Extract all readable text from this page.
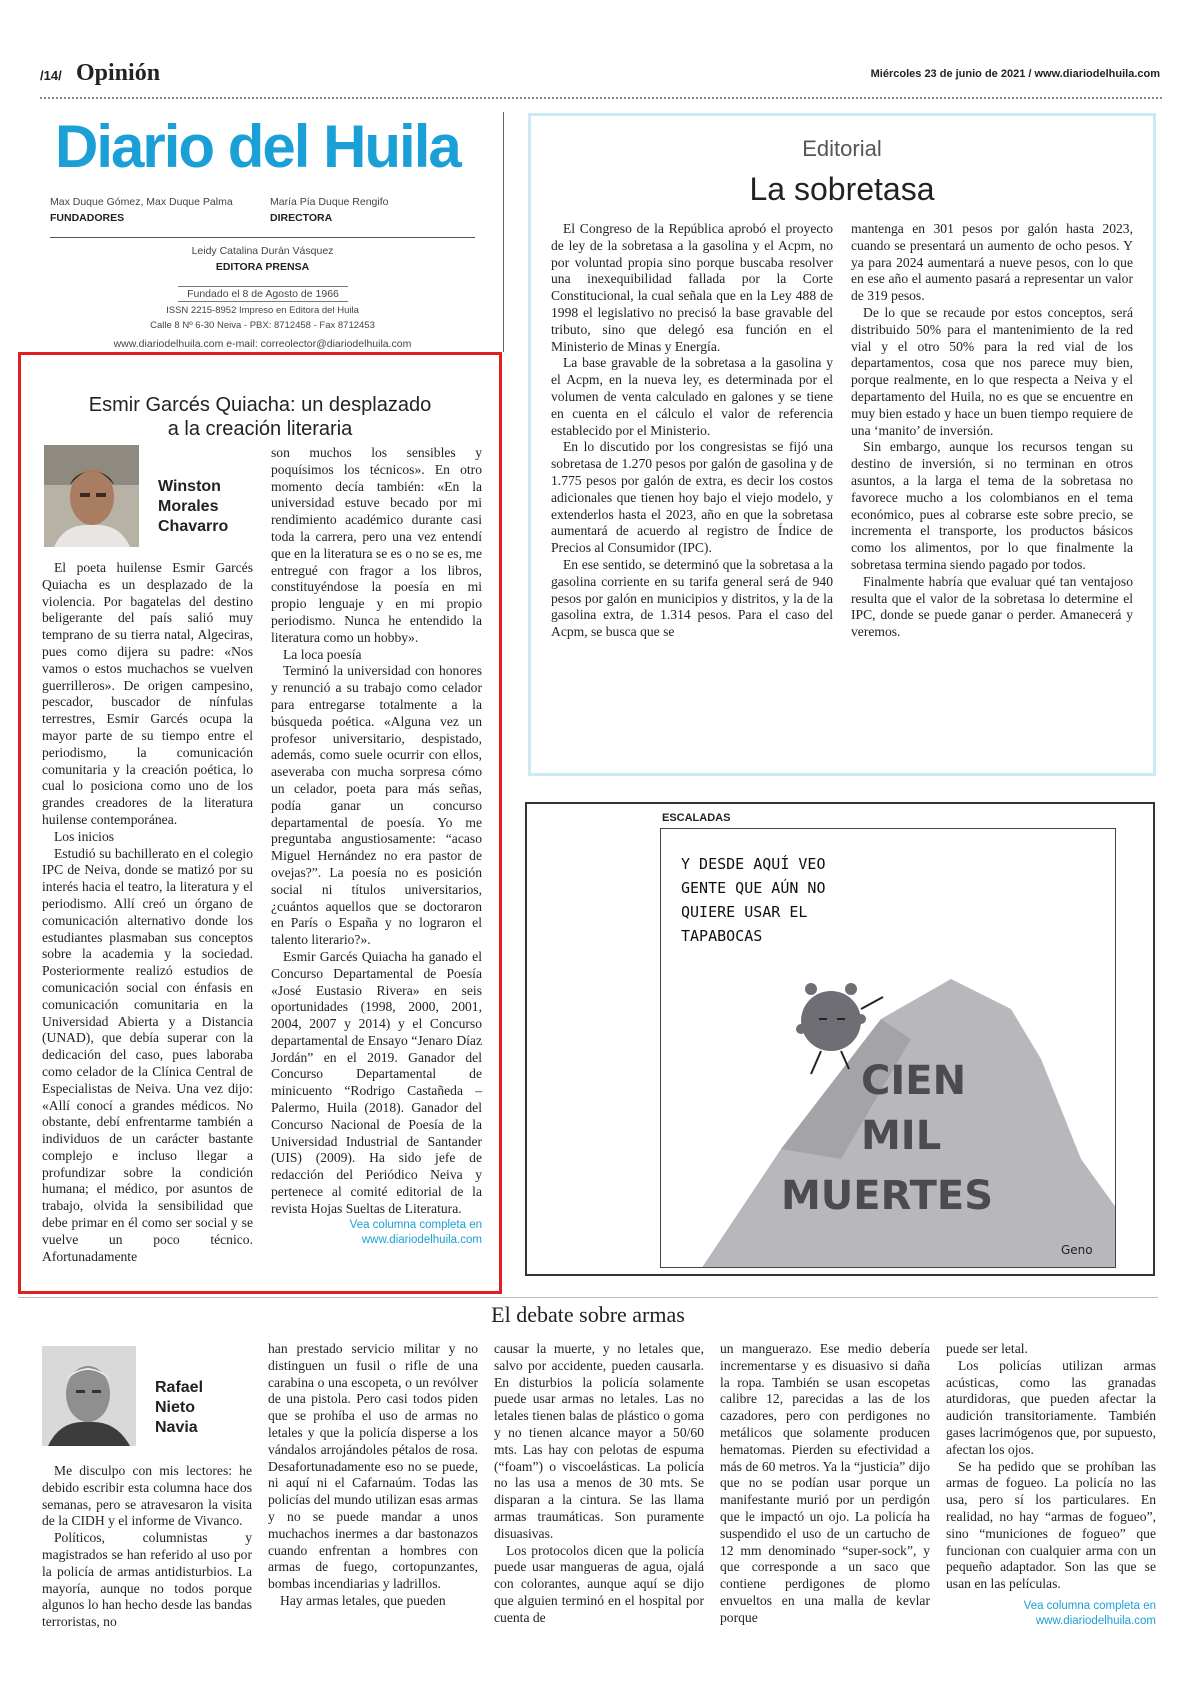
/14/ Opinión	Miércoles 23 de junio de 2021 / www.diariodelhuila.com
Diario del Huila
Max Duque Gómez, Max Duque Palma
FUNDADORES
María Pía Duque Rengifo
DIRECTORA
Leidy Catalina Durán Vásquez
EDITORA PRENSA
Fundado el 8 de Agosto de 1966
ISSN 2215-8952 Impreso en Editora del Huila
Calle 8 Nº 6-30 Neiva - PBX: 8712458 - Fax 8712453
www.diariodelhuila.com e-mail: correolector@diariodelhuila.com
Editorial
La sobretasa

El Congreso de la República aprobó el proyecto de ley de la sobretasa a la gasolina y el Acpm, no por voluntad propia sino porque buscaba resolver una inexequibilidad fallada por la Corte Constitucional, la cual señala que en la Ley 488 de 1998 el legislativo no precisó la base gravable del tributo, sino que delegó esa función en el Ministerio de Minas y Energía.

La base gravable de la sobretasa a la gasolina y el Acpm, en la nueva ley, es determinada por el volumen de venta calculado en galones y se tiene en cuenta en el cálculo el valor de referencia establecido por el Ministerio.

En lo discutido por los congresistas se fijó una sobretasa de 1.270 pesos por galón de gasolina y de 1.775 pesos por galón de extra, es decir los costos adicionales que tienen hoy bajo el viejo modelo, y extenderlos hasta el 2023, año en que la sobretasa aumentará de acuerdo al registro de Índice de Precios al Consumidor (IPC).

En ese sentido, se determinó que la sobretasa a la gasolina corriente en su tarifa general será de 940 pesos por galón en municipios y distritos, y la de la gasolina extra, de 1.314 pesos. Para el caso del Acpm, se busca que se

mantenga en 301 pesos por galón hasta 2023, cuando se presentará un aumento de ocho pesos. Y ya para 2024 aumentará a nueve pesos, con lo que en ese año el aumento pasará a representar un valor de 319 pesos.

De lo que se recaude por estos conceptos, será distribuido 50% para el mantenimiento de la red vial y el otro 50% para la red vial de los departamentos, cosa que nos parece muy bien, porque realmente, en lo que respecta a Neiva y el departamento del Huila, no es que se encuentre en muy bien estado y hace un buen tiempo requiere de una ‘manito’ de inversión.

Sin embargo, aunque los recursos tengan su destino de inversión, si no terminan en otros asuntos, a la larga el tema de la sobretasa no favorece mucho a los colombianos en el tema económico, pues al cobrarse este sobre precio, se incrementa el transporte, los productos básicos como los alimentos, por lo que finalmente la sobretasa termina siendo pagado por todos.

Finalmente habría que evaluar qué tan ventajoso resulta que el valor de la sobretasa lo determine el IPC, donde se puede ganar o perder. Amanecerá y veremos.

Esmir Garcés Quiacha: un desplazado a la creación literaria
Winston Morales Chavarro

El poeta huilense Esmir Garcés Quiacha es un desplazado de la violencia. Por bagatelas del destino beligerante del país salió muy temprano de su tierra natal, Algeciras, pues como dijera su padre: «Nos vamos o estos muchachos se vuelven guerrilleros». De origen campesino, pescador, buscador de nínfulas terrestres, Esmir Garcés ocupa la mayor parte de su tiempo entre el periodismo, la comunicación comunitaria y la creación poética, lo cual lo posiciona como uno de los grandes creadores de la literatura huilense contemporánea.

Los inicios

Estudió su bachillerato en el colegio IPC de Neiva, donde se matizó por su interés hacia el teatro, la literatura y el periodismo. Allí creó un órgano de comunicación alternativo donde los estudiantes plasmaban sus conceptos sobre la academia y la sociedad. Posteriormente realizó estudios de comunicación social con énfasis en comunicación comunitaria en la Universidad Abierta y a Distancia (UNAD), que debía superar con la dedicación del caso, pues laboraba como celador de la Clínica Central de Especialistas de Neiva. Una vez dijo: «Allí conocí a grandes médicos. No obstante, debí enfrentarme también a individuos de un carácter bastante complejo e incluso llegar a profundizar sobre la condición humana; el médico, por asuntos de trabajo, olvida la sensibilidad que debe primar en él como ser social y se vuelve un poco técnico. Afortunadamente

son muchos los sensibles y poquísimos los técnicos». En otro momento decía también: «En la universidad estuve becado por mi rendimiento académico durante casi toda la carrera, pero una vez entendí que en la literatura se es o no se es, me entregué con fragor a los libros, constituyéndose la poesía en mi propio lenguaje y en mi propio periodismo. Nunca he entendido la literatura como un hobby».

La loca poesía

Terminó la universidad con honores y renunció a su trabajo como celador para entregarse totalmente a la búsqueda poética. «Alguna vez un profesor universitario, despistado, además, como suele ocurrir con ellos, aseveraba con mucha sorpresa cómo un celador, poeta para más señas, podía ganar un concurso departamental de poesía. Yo me preguntaba angustiosamente: “acaso Miguel Hernández no era pastor de ovejas?”. La poesía no es posición social ni títulos universitarios, ¿cuántos aquellos que se doctoraron en París o España y no lograron el talento literario?».

Esmir Garcés Quiacha ha ganado el Concurso Departamental de Poesía «José Eustasio Rivera» en seis oportunidades (1998, 2000, 2001, 2004, 2007 y 2014) y el Concurso departamental de Ensayo “Jenaro Díaz Jordán” en el 2019. Ganador del Concurso Departamental de minicuento “Rodrigo Castañeda – Palermo, Huila (2018). Ganador del Concurso Nacional de Poesía de la Universidad Industrial de Santander (UIS) (2009). Ha sido jefe de redacción del Periódico Neiva y pertenece al comité editorial de la revista Hojas Sueltas de Literatura.

Vea columna completa en
www.diariodelhuila.com
ESCALADAS
Y DESDE AQUÍ VEO
GENTE QUE AÚN NO
QUIERE USAR EL
TAPABOCAS
CIEN
MIL
MUERTES
Geno
El debate sobre armas
Rafael Nieto Navia

Me disculpo con mis lectores: he debido escribir esta columna hace dos semanas, pero se atravesaron la visita de la CIDH y el informe de Vivanco.

Políticos, columnistas y magistrados se han referido al uso por la policía de armas antidisturbios. La mayoría, aunque no todos porque algunos lo han hecho desde las bandas terroristas, no

han prestado servicio militar y no distinguen un fusil o rifle de una carabina o una escopeta, o un revólver de una pistola. Pero casi todos piden que se prohíba el uso de armas no letales y que la policía disperse a los vándalos arrojándoles pétalos de rosa. Desafortunadamente eso no se puede, ni aquí ni el Cafarnaúm. Todas las policías del mundo utilizan esas armas y no se puede mandar a unos muchachos inermes a dar bastonazos cuando enfrentan a hombres con armas de fuego, cortopunzantes, bombas incendiarias y ladrillos.

Hay armas letales, que pueden

causar la muerte, y no letales que, salvo por accidente, pueden causarla. En disturbios la policía solamente puede usar armas no letales. Las no letales tienen balas de plástico o goma y no tienen alcance mayor a 50/60 mts. Las hay con pelotas de espuma (“foam”) o viscoelásticas. La policía no las usa a menos de 30 mts. Se disparan a la cintura. Se las llama armas traumáticas. Son puramente disuasivas.

Los protocolos dicen que la policía puede usar mangueras de agua, ojalá con colorantes, aunque aquí se dijo que alguien terminó en el hospital por cuenta de

un manguerazo. Ese medio debería incrementarse y es disuasivo si daña la ropa. También se usan escopetas calibre 12, parecidas a las de los cazadores, pero con perdigones no metálicos que solamente producen hematomas. Pierden su efectividad a más de 60 metros. Ya la “justicia” dijo que no se podían usar porque un manifestante murió por un perdigón que le impactó un ojo. La policía ha suspendido el uso de un cartucho de 12 mm denominado “super-sock”, y que corresponde a un saco que contiene perdigones de plomo envueltos en una malla de kevlar porque

puede ser letal.

Los policías utilizan armas acústicas, como las granadas aturdidoras, que pueden afectar la audición transitoriamente. También gases lacrimógenos que, por supuesto, afectan los ojos.

Se ha pedido que se prohíban las armas de fogueo. La policía no las usa, pero sí los particulares. En realidad, no hay “armas de fogueo”, sino “municiones de fogueo” que funcionan con cualquier arma con un pequeño adaptador. Son las que se usan en las películas.

Vea columna completa en
www.diariodelhuila.com
